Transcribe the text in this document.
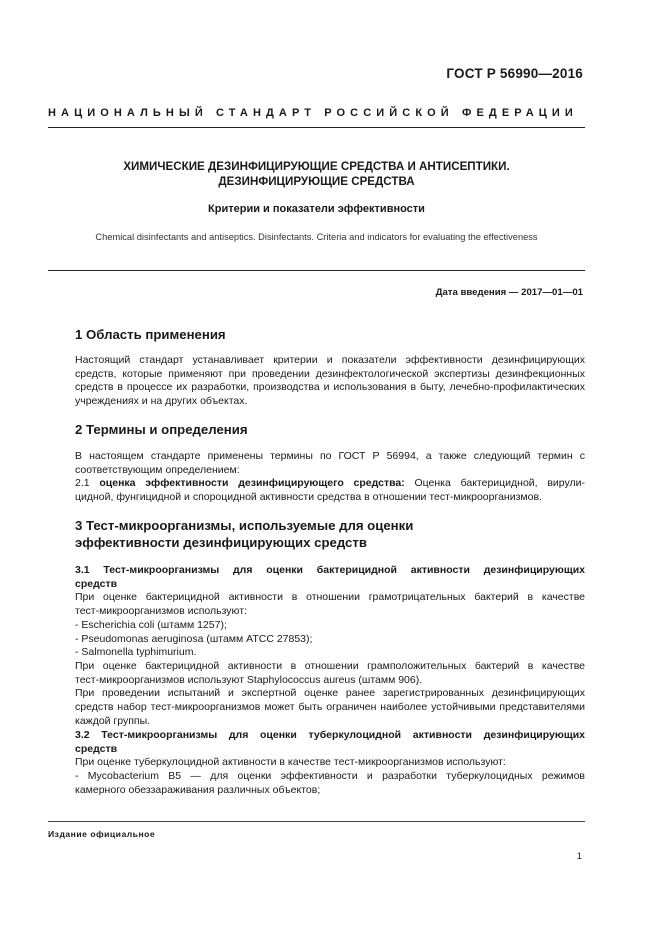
ГОСТ Р 56990—2016
НАЦИОНАЛЬНЫЙ СТАНДАРТ РОССИЙСКОЙ ФЕДЕРАЦИИ
ХИМИЧЕСКИЕ ДЕЗИНФИЦИРУЮЩИЕ СРЕДСТВА И АНТИСЕПТИКИ.
ДЕЗИНФИЦИРУЮЩИЕ СРЕДСТВА
Критерии и показатели эффективности
Chemical disinfectants and antiseptics. Disinfectants. Criteria and indicators for evaluating the effectiveness
Дата введения — 2017—01—01
1 Область применения
Настоящий стандарт устанавливает критерии и показатели эффективности дезинфицирующих
средств, которые применяют при проведении дезинфектологической экспертизы дезинфекционных
средств в процессе их разработки, производства и использования в быту, лечебно-профилактических
учреждениях и на других объектах.
2 Термины и определения
В настоящем стандарте применены термины по ГОСТ Р 56994, а также следующий термин с
соответствующим определением:
2.1 оценка эффективности дезинфицирующего средства: Оценка бактерицидной, вирули-
цидной, фунгицидной и спороцидной активности средства в отношении тест-микроорганизмов.
3 Тест-микроорганизмы, используемые для оценки
эффективности дезинфицирующих средств
3.1 Тест-микроорганизмы для оценки бактерицидной активности дезинфицирующих
средств
При оценке бактерицидной активности в отношении грамотрицательных бактерий в качестве
тест-микроорганизмов используют:
- Escherichia coli (штамм 1257);
- Pseudomonas aeruginosa (штамм АТСС 27853);
- Salmonella typhimurium.
При оценке бактерицидной активности в отношении грамположительных бактерий в качестве
тест-микроорганизмов используют Staphylococcus aureus (штамм 906).
При проведении испытаний и экспертной оценке ранее зарегистрированных дезинфицирующих
средств набор тест-микроорганизмов может быть ограничен наиболее устойчивыми представителями
каждой группы.
3.2 Тест-микроорганизмы для оценки туберкулоцидной активности дезинфицирующих
средств
При оценке туберкулоцидной активности в качестве тест-микроорганизмов используют:
- Mycobacterium B5 — для оценки эффективности и разработки туберкулоцидных режимов
камерного обеззараживания различных объектов;
Издание официальное
1
